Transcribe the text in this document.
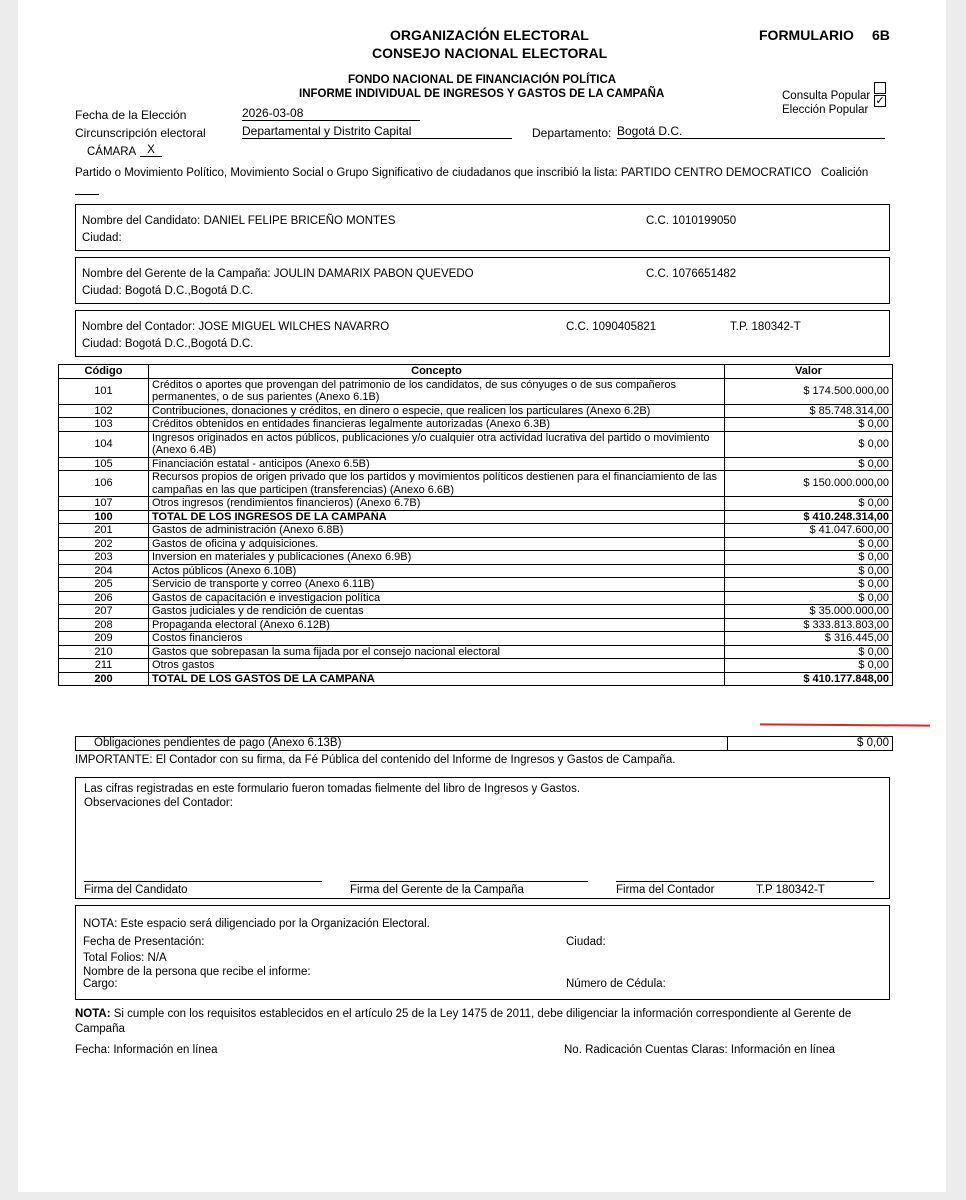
ORGANIZACIÓN ELECTORAL
CONSEJO NACIONAL ELECTORAL
FORMULARIO 6B
FONDO NACIONAL DE FINANCIACIÓN POLÍTICA
INFORME INDIVIDUAL DE INGRESOS Y GASTOS DE LA CAMPAÑA	Consulta Popular
Elección Popular
✓
Fecha de la Elección	2026-03-08
Circunscripción electoral	Departamental y Distrito Capital	Departamento: Bogotá D.C.
CÁMARA X
Partido o Movimiento Político, Movimiento Social o Grupo Significativo de ciudadanos que inscribió la lista: PARTIDO CENTRO DEMOCRATICO Coalición
Nombre del Candidato: DANIEL FELIPE BRICEÑO MONTES	C.C. 1010199050
Ciudad:
Nombre del Gerente de la Campaña: JOULIN DAMARIX PABON QUEVEDO	C.C. 1076651482
Ciudad: Bogotá D.C.,Bogotá D.C.
Nombre del Contador: JOSE MIGUEL WILCHES NAVARRO	C.C. 1090405821	T.P. 180342-T
Ciudad: Bogotá D.C.,Bogotá D.C.
Código	Concepto	Valor
101	Créditos o aportes que provengan del patrimonio de los candidatos, de sus cónyuges o de sus compañeros permanentes, o de sus parientes (Anexo 6.1B)	$ 174.500.000,00
102	Contribuciones, donaciones y créditos, en dinero o especie, que realicen los particulares (Anexo 6.2B)	$ 85.748.314,00
103	Créditos obtenidos en entidades financieras legalmente autorizadas (Anexo 6.3B)	$ 0,00
104	Ingresos originados en actos públicos, publicaciones y/o cualquier otra actividad lucrativa del partido o movimiento (Anexo 6.4B)	$ 0,00
105	Financiación estatal - anticipos (Anexo 6.5B)	$ 0,00
106	Recursos propios de origen privado que los partidos y movimientos políticos destienen para el financiamiento de las campañas en las que participen (transferencias) (Anexo 6.6B)	$ 150.000.000,00
107	Otros ingresos (rendimientos financieros) (Anexo 6.7B)	$ 0,00
100	TOTAL DE LOS INGRESOS DE LA CAMPAÑA	$ 410.248.314,00
201	Gastos de administración (Anexo 6.8B)	$ 41.047.600,00
202	Gastos de oficina y adquisiciones.	$ 0,00
203	Inversion en materiales y publicaciones (Anexo 6.9B)	$ 0,00
204	Actos públicos (Anexo 6.10B)	$ 0,00
205	Servicio de transporte y correo (Anexo 6.11B)	$ 0,00
206	Gastos de capacitación e investigacion política	$ 0,00
207	Gastos judiciales y de rendición de cuentas	$ 35.000.000,00
208	Propaganda electoral (Anexo 6.12B)	$ 333.813.803,00
209	Costos financieros	$ 316.445,00
210	Gastos que sobrepasan la suma fijada por el consejo nacional electoral	$ 0,00
211	Otros gastos	$ 0,00
200	TOTAL DE LOS GASTOS DE LA CAMPAÑA	$ 410.177.848,00
Obligaciones pendientes de pago (Anexo 6.13B)	$ 0,00
IMPORTANTE: El Contador con su firma, da Fé Pública del contenido del Informe de Ingresos y Gastos de Campaña.
Las cifras registradas en este formulario fueron tomadas fielmente del libro de Ingresos y Gastos.
Observaciones del Contador:
Firma del Candidato	Firma del Gerente de la Campaña	Firma del Contador	T.P 180342-T
NOTA: Este espacio será diligenciado por la Organización Electoral.
Fecha de Presentación:	Ciudad:
Total Folios: N/A
Nombre de la persona que recibe el informe:
Cargo:	Número de Cédula:
NOTA: Si cumple con los requisitos establecidos en el artículo 25 de la Ley 1475 de 2011, debe diligenciar la información correspondiente al Gerente de Campaña
Fecha: Información en línea	No. Radicación Cuentas Claras: Información en línea
